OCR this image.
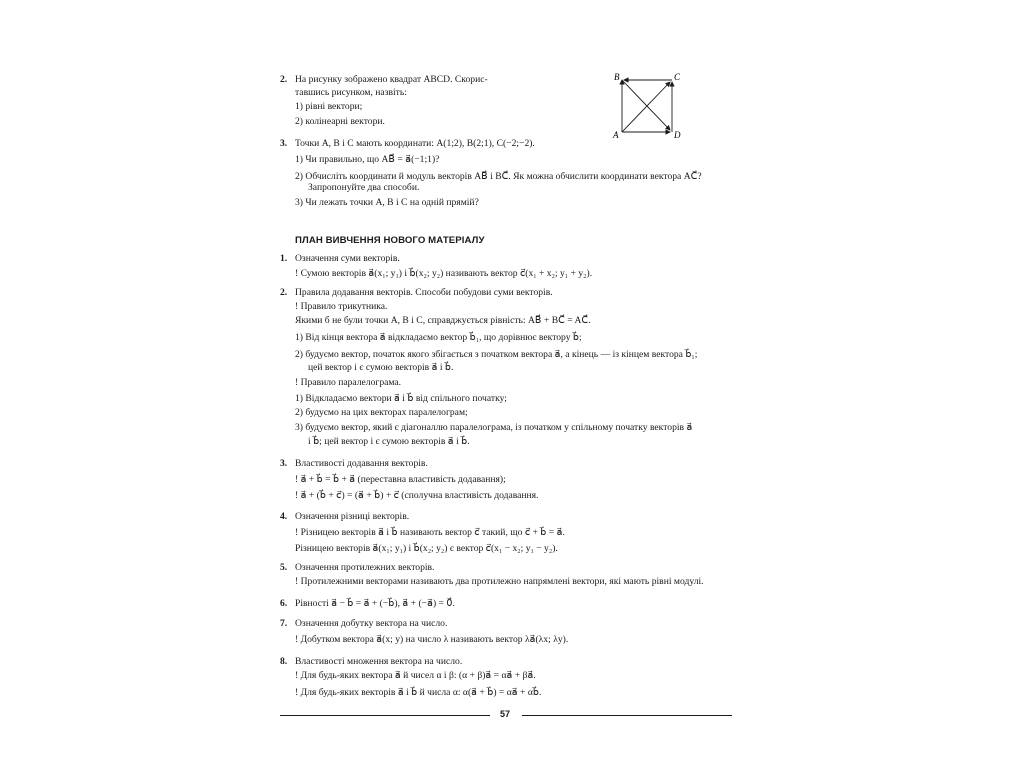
2. На рисунку зображено квадрат ABCD. Скорис-
тавшись рисунком, назвіть:
1) рівні вектори;
2) колінеарні вектори.
B	C
A	D
3. Точки A, B і C мають координати: A(1;2), B(2;1), C(−2;−2).
1) Чи правильно, що AB⃗ = a⃗(−1;1)?
2) Обчисліть координати й модуль векторів AB⃗ і BC⃗. Як можна обчислити координати вектора AC⃗?
Запропонуйте два способи.
3) Чи лежать точки A, B і C на одній прямій?
ПЛАН ВИВЧЕННЯ НОВОГО МАТЕРІАЛУ
1. Означення суми векторів.
! Сумою векторів a⃗(x₁; y₁) і b⃗(x₂; y₂) називають вектор c⃗(x₁ + x₂; y₁ + y₂).
2. Правила додавання векторів. Способи побудови суми векторів.
! Правило трикутника.
Якими б не були точки A, B і C, справджується рівність: AB⃗ + BC⃗ = AC⃗.
1) Від кінця вектора a⃗ відкладаємо вектор b⃗₁, що дорівнює вектору b⃗;
2) будуємо вектор, початок якого збігається з початком вектора a⃗, а кінець — із кінцем вектора b⃗₁;
цей вектор і є сумою векторів a⃗ і b⃗.
! Правило паралелограма.
1) Відкладаємо вектори a⃗ і b⃗ від спільного початку;
2) будуємо на цих векторах паралелограм;
3) будуємо вектор, який є діагоналлю паралелограма, із початком у спільному початку векторів a⃗
і b⃗; цей вектор і є сумою векторів a⃗ і b⃗.
3. Властивості додавання векторів.
! a⃗ + b⃗ = b⃗ + a⃗ (переставна властивість додавання);
! a⃗ + (b⃗ + c⃗) = (a⃗ + b⃗) + c⃗ (сполучна властивість додавання.
4. Означення різниці векторів.
! Різницею векторів a⃗ і b⃗ називають вектор c⃗ такий, що c⃗ + b⃗ = a⃗.
Різницею векторів a⃗(x₁; y₁) і b⃗(x₂; y₂) є вектор c⃗(x₁ − x₂; y₁ − y₂).
5. Означення протилежних векторів.
! Протилежними векторами називають два протилежно напрямлені вектори, які мають рівні модулі.
6. Рівності a⃗ − b⃗ = a⃗ + (−b⃗), a⃗ + (−a⃗) = 0⃗.
7. Означення добутку вектора на число.
! Добутком вектора a⃗(x; y) на число λ називають вектор λa⃗(λx; λy).
8. Властивості множення вектора на число.
! Для будь-яких вектора a⃗ й чисел α і β: (α + β)a⃗ = αa⃗ + βa⃗.
! Для будь-яких векторів a⃗ і b⃗ й числа α: α(a⃗ + b⃗) = αa⃗ + αb⃗.
57
